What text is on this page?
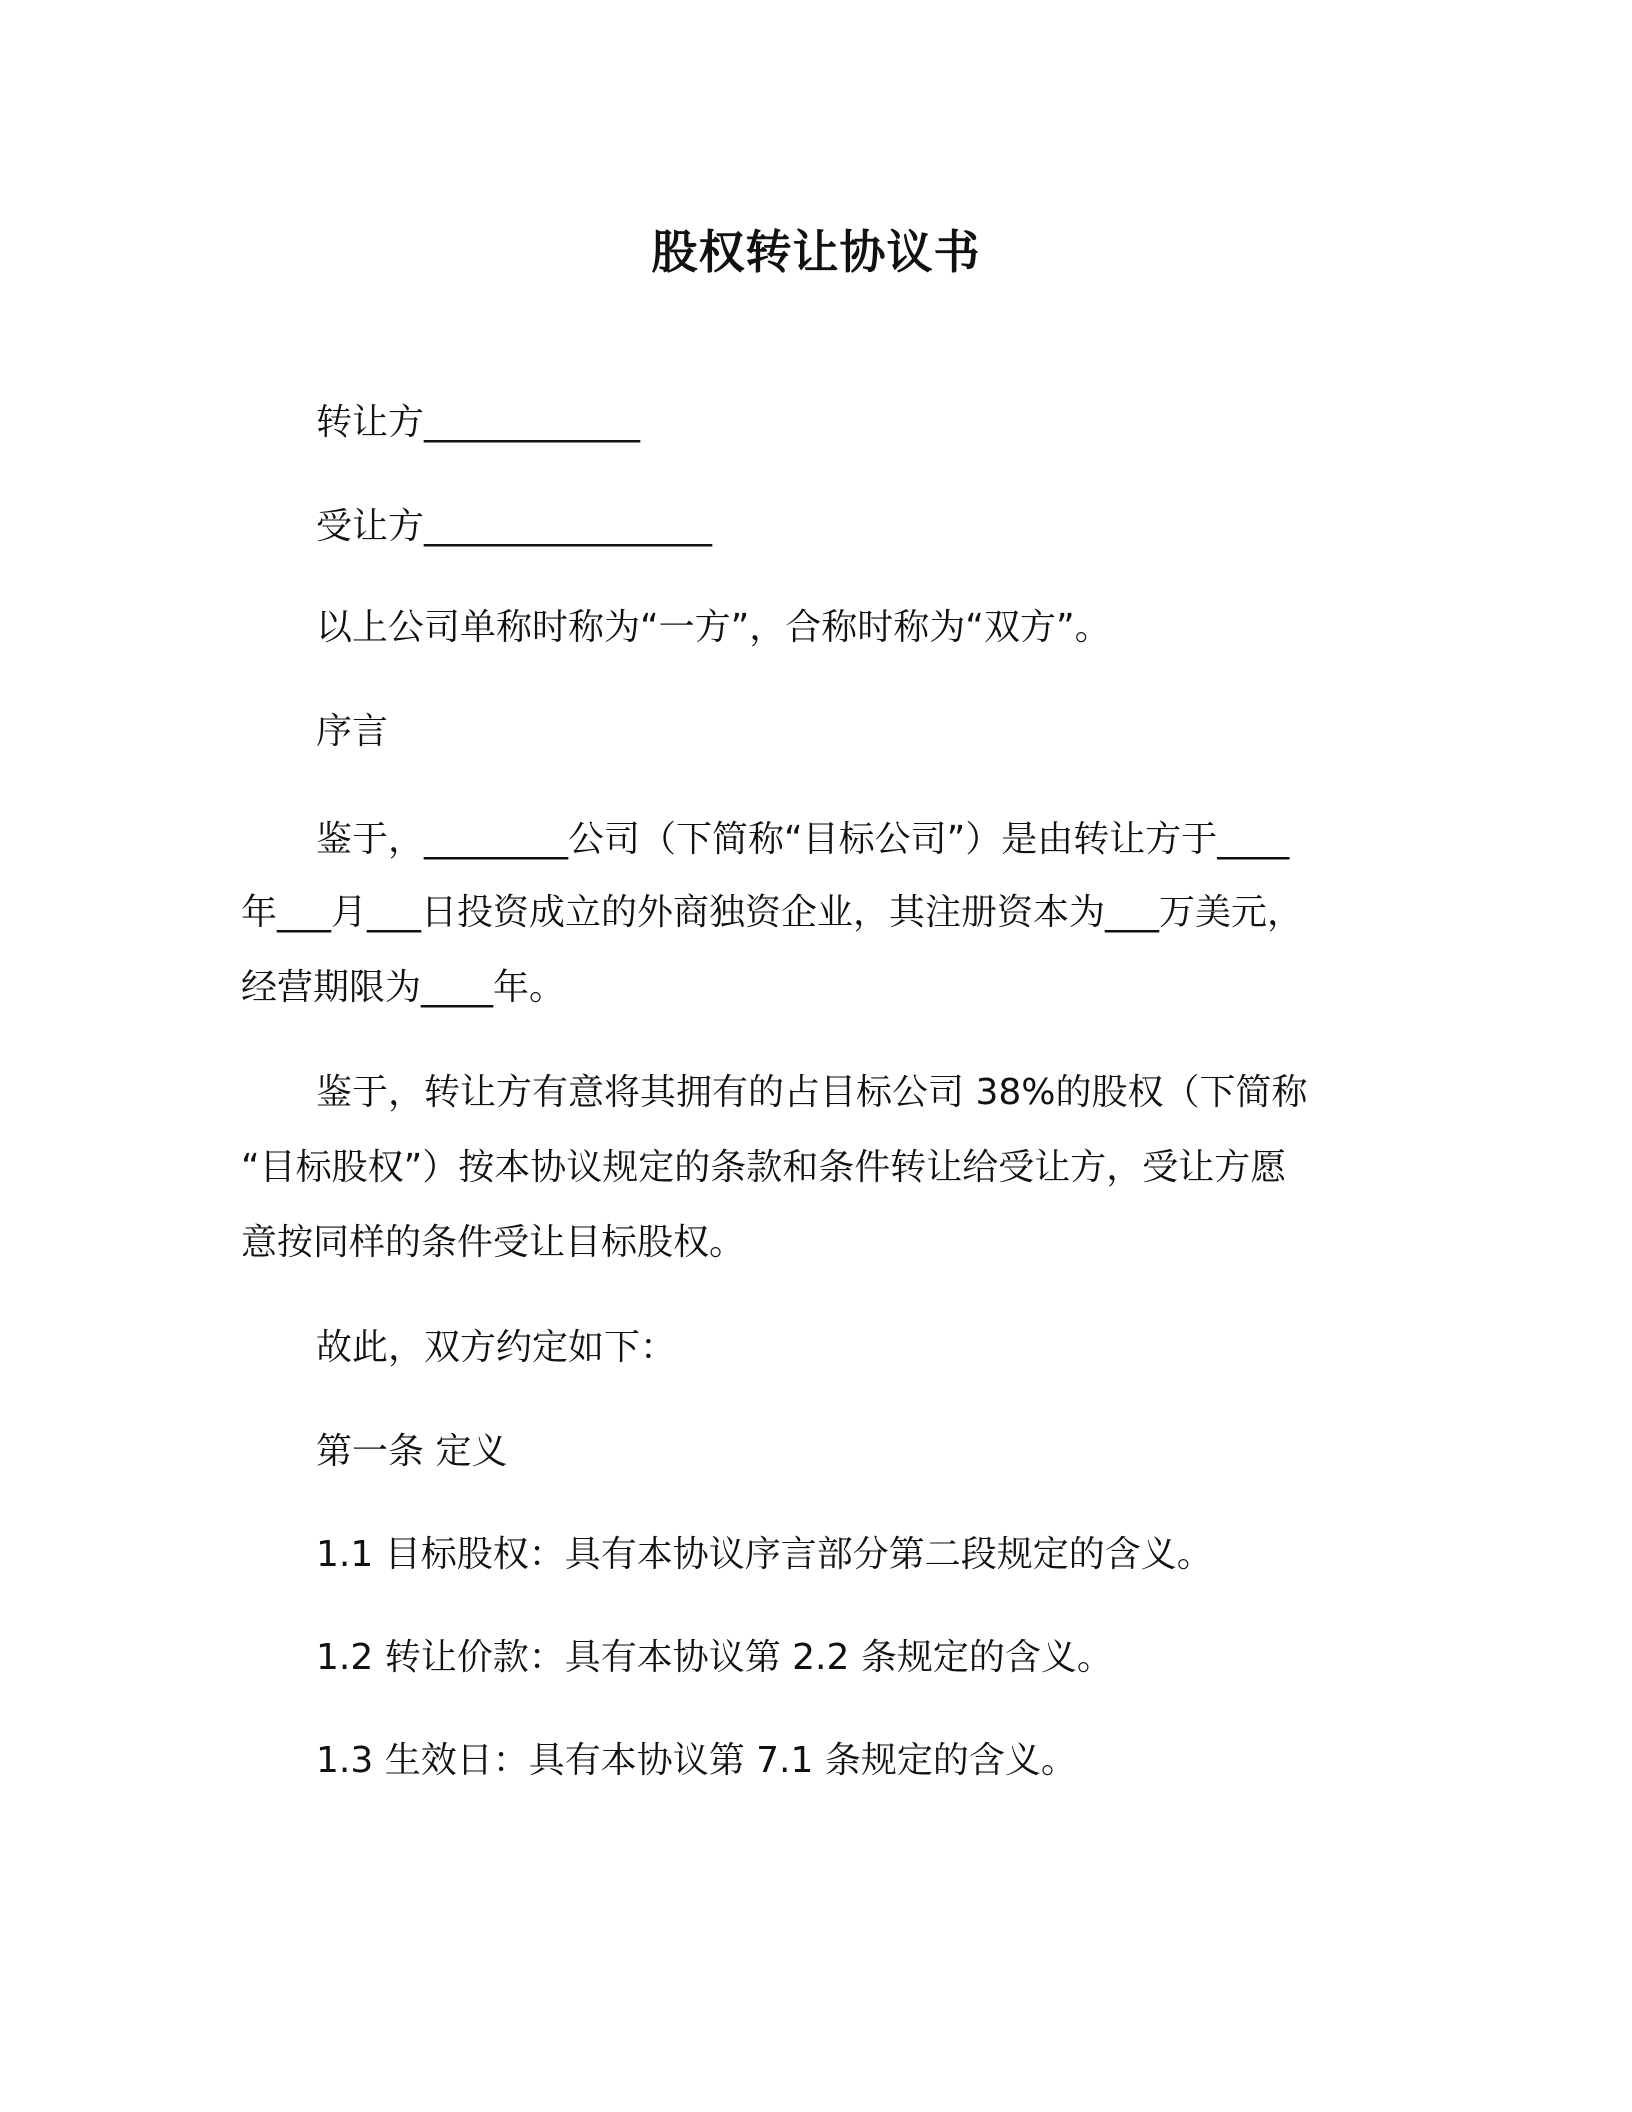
股权转让协议书
转让方____________
受让方________________
以上公司单称时称为“一方”，合称时称为“双方”。
序言
鉴于，________公司（下简称“目标公司”）是由转让方于____
年___月___日投资成立的外商独资企业，其注册资本为___万美元，
经营期限为____年。
鉴于，转让方有意将其拥有的占目标公司 38%的股权（下简称
“目标股权”）按本协议规定的条款和条件转让给受让方，受让方愿
意按同样的条件受让目标股权。
故此，双方约定如下：
第一条 定义
1.1 目标股权：具有本协议序言部分第二段规定的含义。
1.2 转让价款：具有本协议第 2.2 条规定的含义。
1.3 生效日：具有本协议第 7.1 条规定的含义。
